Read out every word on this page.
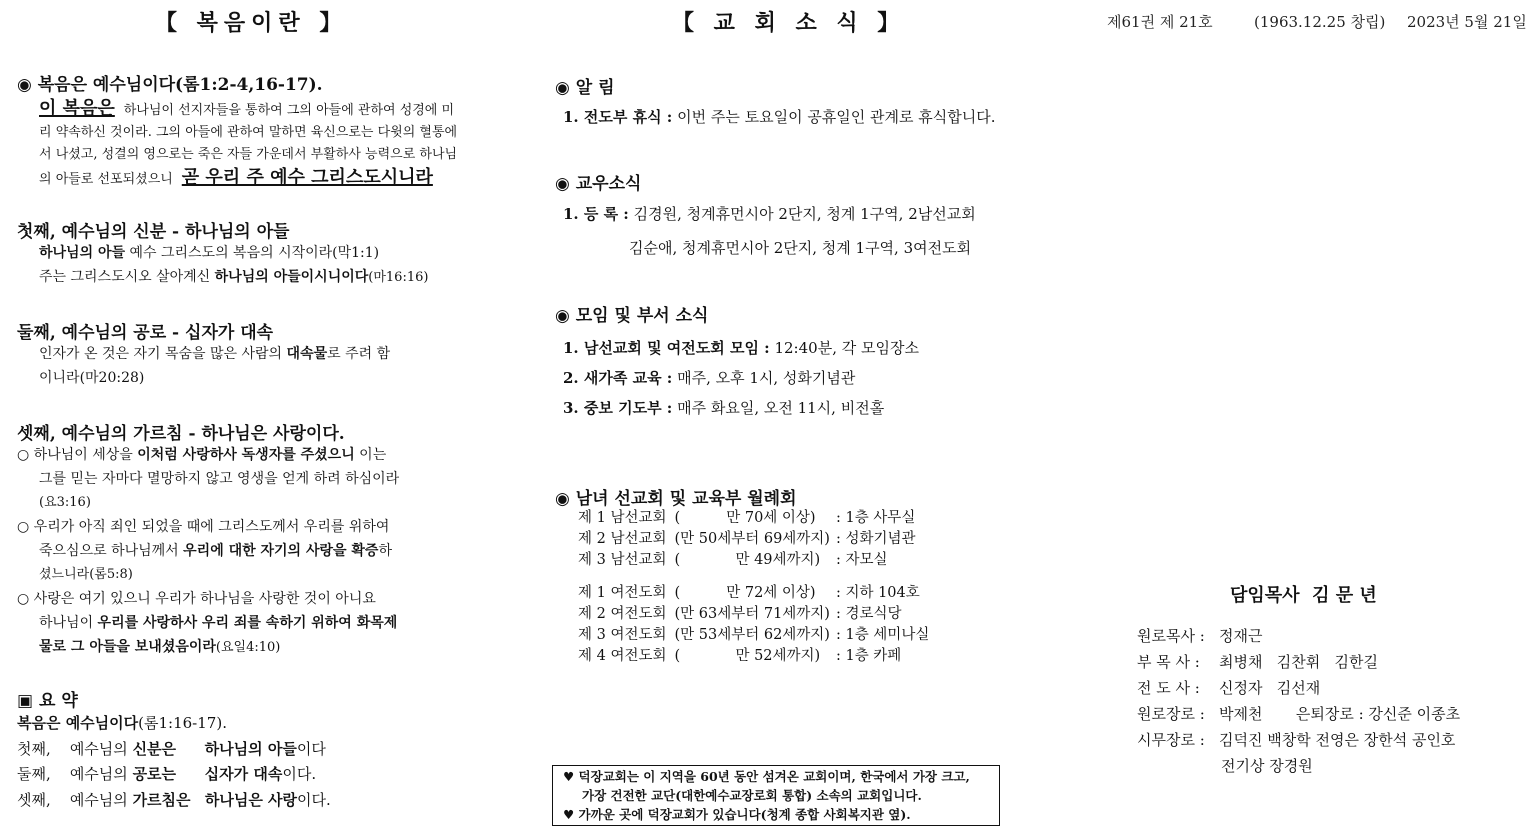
【 복음이란 】	【 교 회 소 식 】	제61권 제 21호	(1963.12.25 창립) 2023년 5월 21일
◉ 복음은 예수님이다(롬1:2-4,16-17).
이 복음은 하나님이 선지자들을 통하여 그의 아들에 관하여 성경에 미
리 약속하신 것이라. 그의 아들에 관하여 말하면 육신으로는 다윗의 혈통에
서 나셨고, 성결의 영으로는 죽은 자들 가운데서 부활하사 능력으로 하나님
의 아들로 선포되셨으니 곧 우리 주 예수 그리스도시니라
첫째, 예수님의 신분 - 하나님의 아들
하나님의 아들 예수 그리스도의 복음의 시작이라(막1:1)
주는 그리스도시오 살아계신 하나님의 아들이시니이다(마16:16)
둘째, 예수님의 공로 - 십자가 대속
인자가 온 것은 자기 목숨을 많은 사람의 대속물로 주려 함
이니라(마20:28)
셋째, 예수님의 가르침 - 하나님은 사랑이다.
○ 하나님이 세상을 이처럼 사랑하사 독생자를 주셨으니 이는
그를 믿는 자마다 멸망하지 않고 영생을 얻게 하려 하심이라
(요3:16)
○ 우리가 아직 죄인 되었을 때에 그리스도께서 우리를 위하여
죽으심으로 하나님께서 우리에 대한 자기의 사랑을 확증하
셨느니라(롬5:8)
○ 사랑은 여기 있으니 우리가 하나님을 사랑한 것이 아니요
하나님이 우리를 사랑하사 우리 죄를 속하기 위하여 화목제
물로 그 아들을 보내셨음이라(요일4:10)
▣ 요 약
복음은 예수님이다(롬1:16-17).
첫째,    예수님의 신분은 하나님의 아들이다
둘째,    예수님의 공로는 십자가 대속이다.
셋째,    예수님의 가르침은 하나님은 사랑이다.
◉ 알 림
1. 전도부 휴식 : 이번 주는 토요일이 공휴일인 관계로 휴식합니다.
◉ 교우소식
1. 등 록 : 김경원, 청계휴먼시아 2단지, 청계 1구역, 2남선교회
김순애, 청계휴먼시아 2단지, 청계 1구역, 3여전도회
◉ 모임 및 부서 소식
1. 남선교회 및 여전도회 모임 : 12:40분, 각 모임장소
2. 새가족 교육 : 매주, 오후 1시, 성화기념관
3. 중보 기도부 : 매주 화요일, 오전 11시, 비전홀
◉ 남녀 선교회 및 교육부 월례회
제 1 남선교회	(          만 70세 이상)	: 1층 사무실
제 2 남선교회	(만 50세부터 69세까지)	: 성화기념관
제 3 남선교회	(            만 49세까지)	: 자모실
제 1 여전도회	(          만 72세 이상)	: 지하 104호
제 2 여전도회	(만 63세부터 71세까지)	: 경로식당
제 3 여전도회	(만 53세부터 62세까지)	: 1층 세미나실
제 4 여전도회	(            만 52세까지)	: 1층 카페
♥ 덕장교회는 이 지역을 60년 동안 섬겨온 교회이며, 한국에서 가장 크고,
가장 건전한 교단(대한예수교장로회 통합) 소속의 교회입니다.
♥ 가까운 곳에 덕장교회가 있습니다(청계 종합 사회복지관 옆).
담임목사  김 문 년
원로목사 : 정재근
부 목 사 : 최병채   김찬휘   김한길
전 도 사 : 신정자   김선재
원로장로 : 박제천       은퇴장로 : 강신준 이종초
시무장로 : 김덕진 백창학 전영은 장한석 공인호
전기상 장경원
